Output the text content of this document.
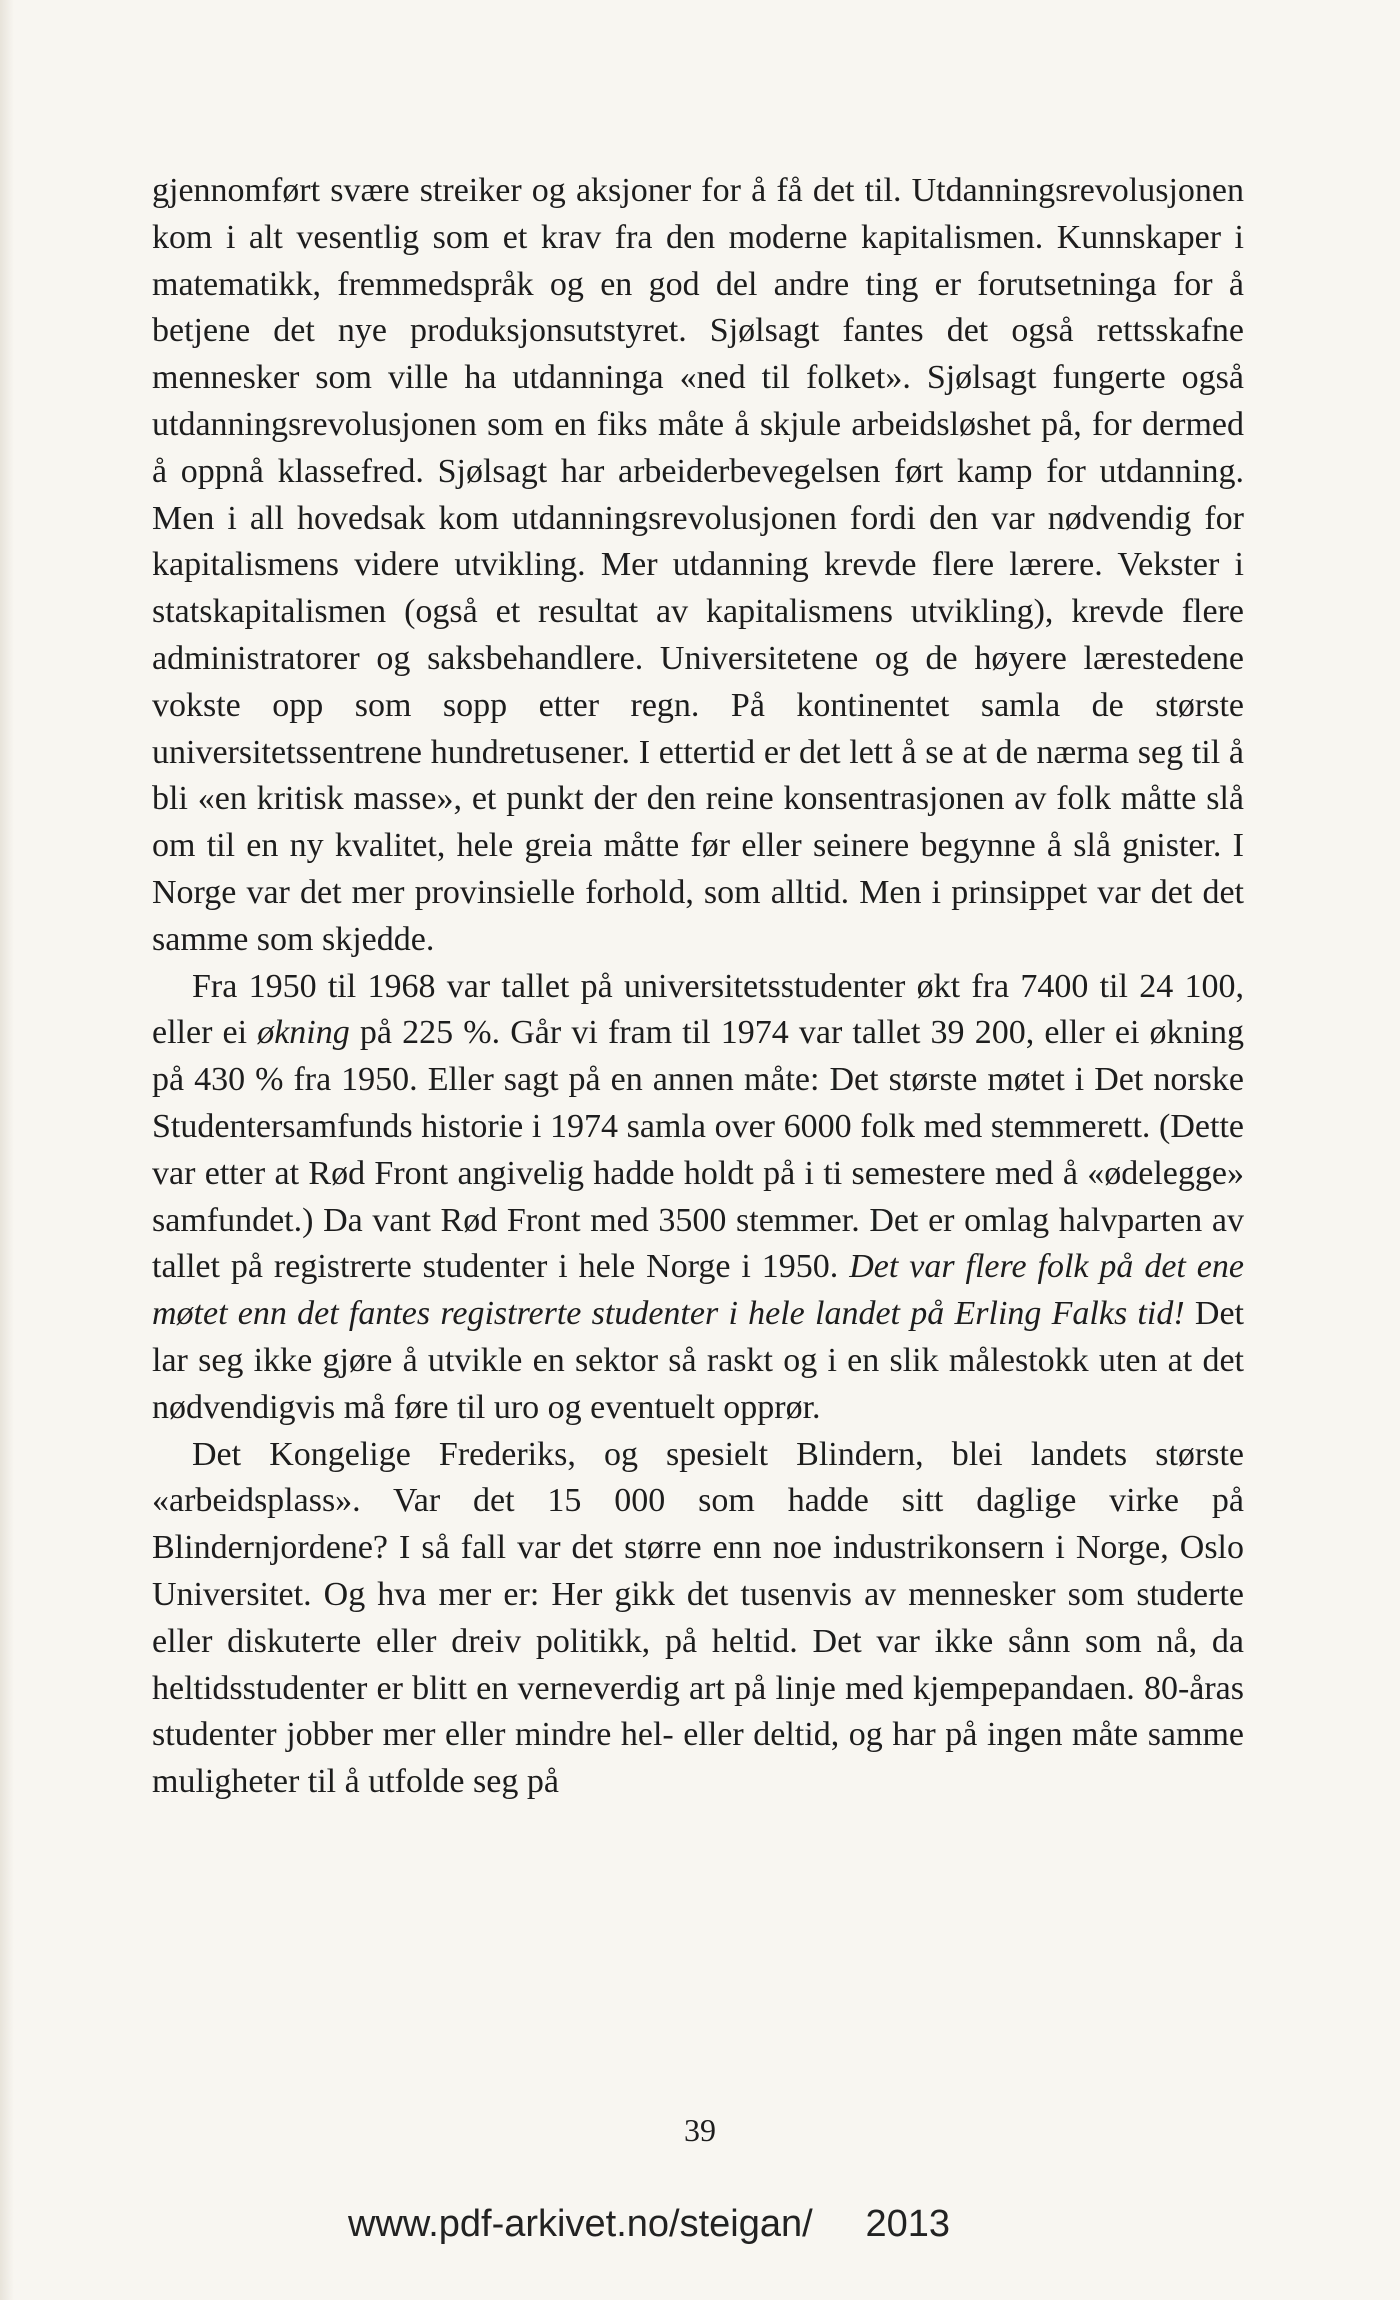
gjennomført svære streiker og aksjoner for å få det til. Utdanningsrevolusjonen kom i alt vesentlig som et krav fra den moderne kapitalismen. Kunnskaper i matematikk, fremmedspråk og en god del andre ting er forutsetninga for å betjene det nye produksjonsutstyret. Sjølsagt fantes det også rettsskafne mennesker som ville ha utdanninga «ned til folket». Sjølsagt fungerte også utdanningsrevolusjonen som en fiks måte å skjule arbeidsløshet på, for dermed å oppnå klassefred. Sjølsagt har arbeiderbevegelsen ført kamp for utdanning. Men i all hovedsak kom utdanningsrevolusjonen fordi den var nødvendig for kapitalismens videre utvikling. Mer utdanning krevde flere lærere. Vekster i statskapitalismen (også et resultat av kapitalismens utvikling), krevde flere administratorer og saksbehandlere. Universitetene og de høyere lærestedene vokste opp som sopp etter regn. På kontinentet samla de største universitetssentrene hundretusener. I ettertid er det lett å se at de nærma seg til å bli «en kritisk masse», et punkt der den reine konsentrasjonen av folk måtte slå om til en ny kvalitet, hele greia måtte før eller seinere begynne å slå gnister. I Norge var det mer provinsielle forhold, som alltid. Men i prinsippet var det det samme som skjedde.

Fra 1950 til 1968 var tallet på universitetsstudenter økt fra 7400 til 24 100, eller ei økning på 225 %. Går vi fram til 1974 var tallet 39 200, eller ei økning på 430 % fra 1950. Eller sagt på en annen måte: Det største møtet i Det norske Studentersamfunds historie i 1974 samla over 6000 folk med stemmerett. (Dette var etter at Rød Front angivelig hadde holdt på i ti semestere med å «ødelegge» samfundet.) Da vant Rød Front med 3500 stemmer. Det er omlag halvparten av tallet på registrerte studenter i hele Norge i 1950. Det var flere folk på det ene møtet enn det fantes registrerte studenter i hele landet på Erling Falks tid! Det lar seg ikke gjøre å utvikle en sektor så raskt og i en slik målestokk uten at det nødvendigvis må føre til uro og eventuelt opprør.

Det Kongelige Frederiks, og spesielt Blindern, blei landets største «arbeidsplass». Var det 15 000 som hadde sitt daglige virke på Blindernjordene? I så fall var det større enn noe industrikonsern i Norge, Oslo Universitet. Og hva mer er: Her gikk det tusenvis av mennesker som studerte eller diskuterte eller dreiv politikk, på heltid. Det var ikke sånn som nå, da heltidsstudenter er blitt en verneverdig art på linje med kjempepandaen. 80-åras studenter jobber mer eller mindre hel- eller deltid, og har på ingen måte samme muligheter til å utfolde seg på

39
www.pdf-arkivet.no/steigan/ 2013
